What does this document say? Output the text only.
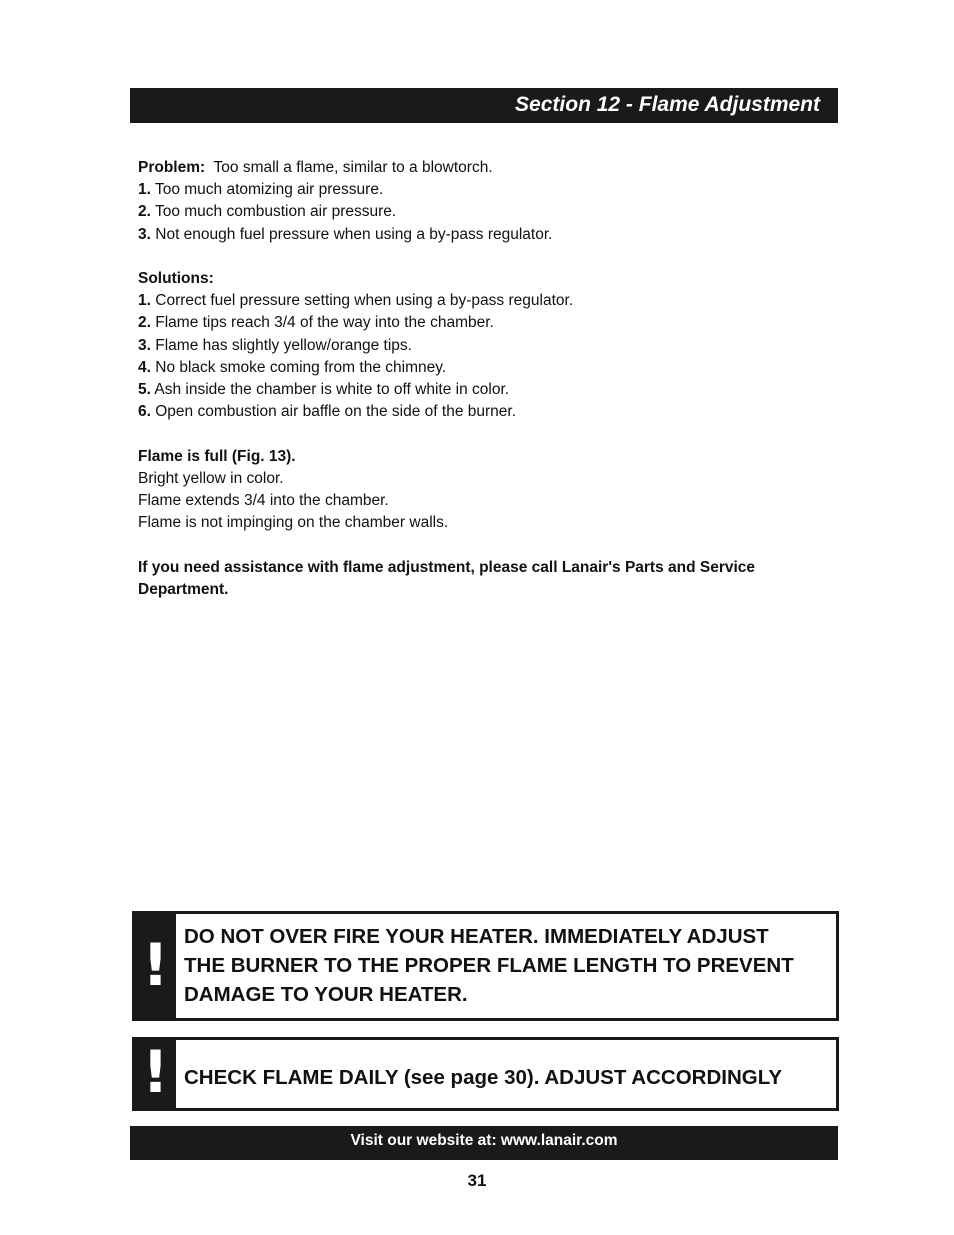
Section 12 - Flame Adjustment
Problem: Too small a flame, similar to a blowtorch.
1. Too much atomizing air pressure.
2. Too much combustion air pressure.
3. Not enough fuel pressure when using a by-pass regulator.
Solutions:
1. Correct fuel pressure setting when using a by-pass regulator.
2. Flame tips reach 3/4 of the way into the chamber.
3. Flame has slightly yellow/orange tips.
4. No black smoke coming from the chimney.
5. Ash inside the chamber is white to off white in color.
6. Open combustion air baffle on the side of the burner.
Flame is full (Fig. 13).
Bright yellow in color.
Flame extends 3/4 into the chamber.
Flame is not impinging on the chamber walls.
If you need assistance with flame adjustment, please call Lanair's Parts and Service
Department.
! DO NOT OVER FIRE YOUR HEATER. IMMEDIATELY ADJUST
THE BURNER TO THE PROPER FLAME LENGTH TO PREVENT
DAMAGE TO YOUR HEATER.
! CHECK FLAME DAILY (see page 30). ADJUST ACCORDINGLY
Visit our website at: www.lanair.com
31
